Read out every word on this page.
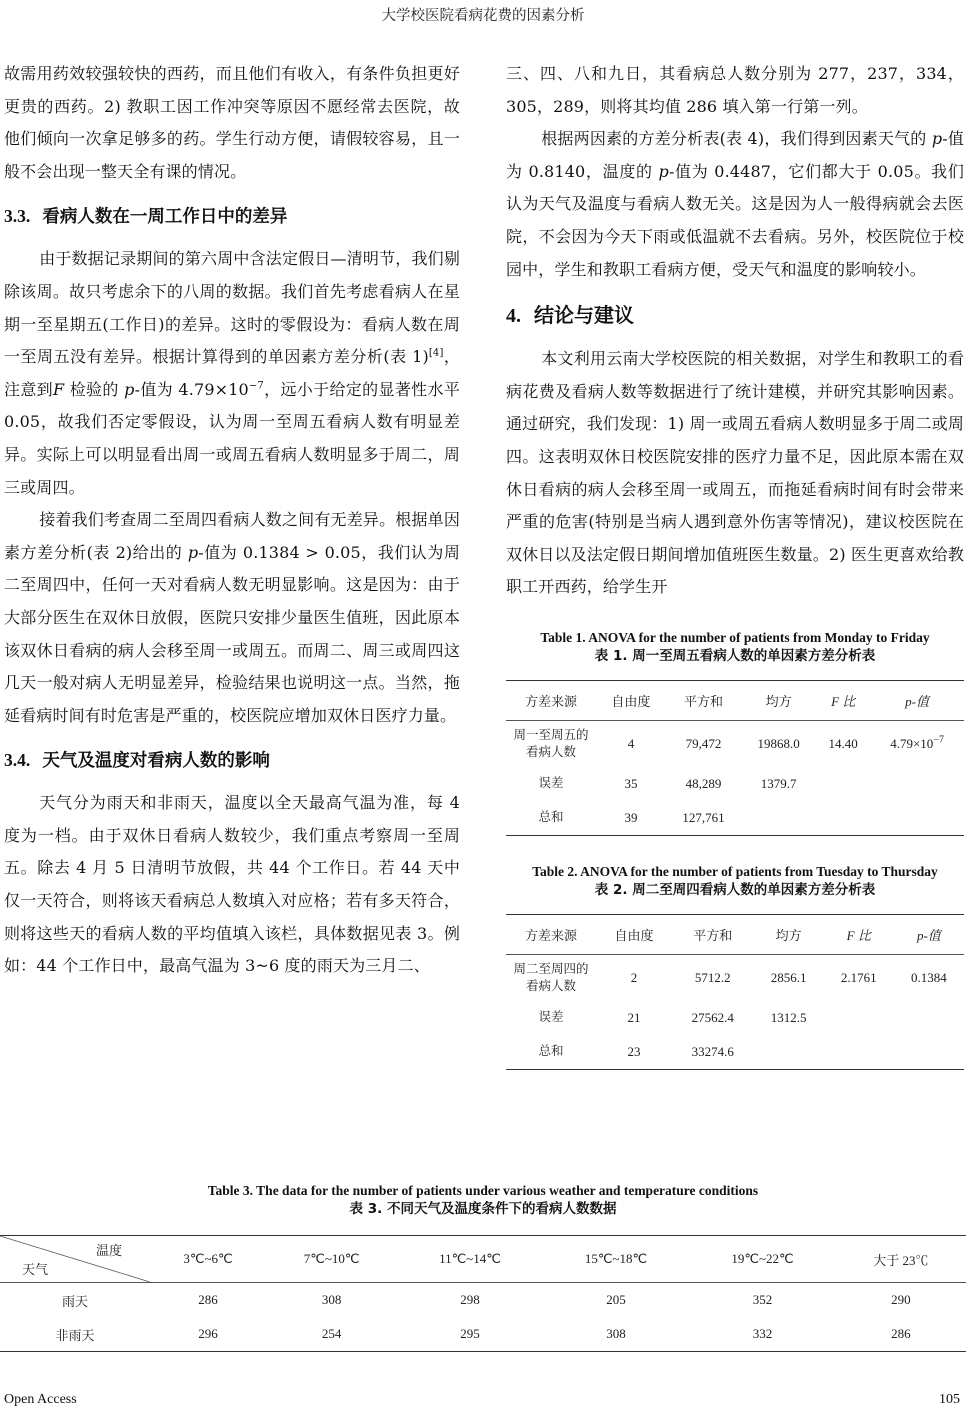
大学校医院看病花费的因素分析

故需用药效较强较快的西药，而且他们有收入，有条件负担更好更贵的西药。2) 教职工因工作冲突等原因不愿经常去医院，故他们倾向一次拿足够多的药。学生行动方便，请假较容易，且一般不会出现一整天全有课的情况。

3.3. 看病人数在一周工作日中的差异

由于数据记录期间的第六周中含法定假日—清明节，我们剔除该周。故只考虑余下的八周的数据。我们首先考虑看病人在星期一至星期五(工作日)的差异。这时的零假设为：看病人数在周一至周五没有差异。根据计算得到的单因素方差分析(表 1)[4]，注意到F 检验的 p-值为 $4.79\times 10^{-7}$，远小于给定的显著性水平 0.05，故我们否定零假设，认为周一至周五看病人数有明显差异。实际上可以明显看出周一或周五看病人数明显多于周二，周三或周四。

接着我们考查周二至周四看病人数之间有无差异。根据单因素方差分析(表 2)给出的 p-值为 0.1384 > 0.05，我们认为周二至周四中，任何一天对看病人数无明显影响。这是因为：由于大部分医生在双休日放假，医院只安排少量医生值班，因此原本该双休日看病的病人会移至周一或周五。而周二、周三或周四这几天一般对病人无明显差异，检验结果也说明这一点。当然，拖延看病时间有时危害是严重的，校医院应增加双休日医疗力量。

3.4. 天气及温度对看病人数的影响

天气分为雨天和非雨天，温度以全天最高气温为准，每 4 度为一档。由于双休日看病人数较少，我们重点考察周一至周五。除去 4 月 5 日清明节放假，共 44 个工作日。若 44 天中仅一天符合，则将该天看病总人数填入对应格；若有多天符合，则将这些天的看病人数的平均值填入该栏，具体数据见表 3。例如：44 个工作日中，最高气温为 3~6 度的雨天为三月二、

三、四、八和九日，其看病总人数分别为 277，237，334，305，289，则将其均值 286 填入第一行第一列。

根据两因素的方差分析表(表 4)，我们得到因素天气的 p-值为 0.8140，温度的 p-值为 0.4487，它们都大于 0.05。我们认为天气及温度与看病人数无关。这是因为人一般得病就会去医院，不会因为今天下雨或低温就不去看病。另外，校医院位于校园中，学生和教职工看病方便，受天气和温度的影响较小。

4. 结论与建议

本文利用云南大学校医院的相关数据，对学生和教职工的看病花费及看病人数等数据进行了统计建模，并研究其影响因素。通过研究，我们发现：1) 周一或周五看病人数明显多于周二或周四。这表明双休日校医院安排的医疗力量不足，因此原本需在双休日看病的病人会移至周一或周五，而拖延看病时间有时会带来严重的危害(特别是当病人遇到意外伤害等情况)，建议校医院在双休日以及法定假日期间增加值班医生数量。2) 医生更喜欢给教职工开西药，给学生开

Table 1. ANOVA for the number of patients from Monday to Friday
表 1. 周一至周五看病人数的单因素方差分析表
方差来源	自由度	平方和	均方	F 比	p-值
周一至周五的看病人数	4	79,472	19868.0	14.40	$4.79\times 10^{-7}$
误差	35	48,289	1379.7		
总和	39	127,761			
Table 2. ANOVA for the number of patients from Tuesday to Thursday
表 2. 周二至周四看病人数的单因素方差分析表
方差来源	自由度	平方和	均方	F 比	p-值
周二至周四的看病人数	2	5712.2	2856.1	2.1761	0.1384
误差	21	27562.4	1312.5		
总和	23	33274.6			
Table 3. The data for the number of patients under various weather and temperature conditions
表 3. 不同天气及温度条件下的看病人数数据
温度
天气	3℃~6℃	7℃~10℃	11℃~14℃	15℃~18℃	19℃~22℃	大于 23℃
雨天	286	308	298	205	352	290
非雨天	296	254	295	308	332	286
Open Access	105
